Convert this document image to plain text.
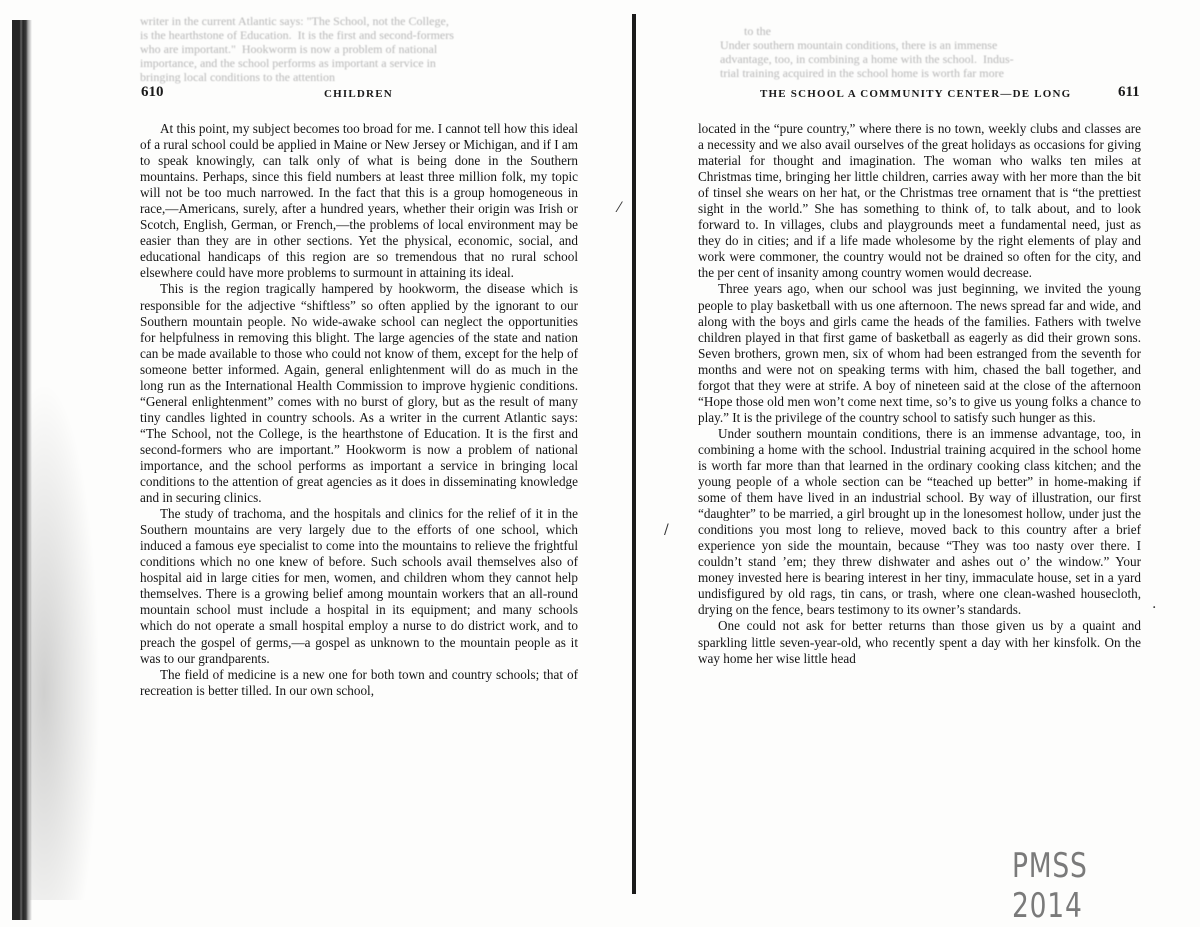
writer in the current Atlantic says: "The School, not the College,
is the hearthstone of Education.  It is the first and second-formers
who are important."  Hookworm is now a problem of national
importance, and the school performs as important a service in
bringing local conditions to the attention
to the
Under southern mountain conditions, there is an immense
advantage, too, in combining a home with the school.  Indus-
trial training acquired in the school home is worth far more
610	CHILDREN	THE SCHOOL A COMMUNITY CENTER—DE LONG	611

At this point, my subject becomes too broad for me. I cannot tell how this ideal of a rural school could be applied in Maine or New Jersey or Michigan, and if I am to speak knowingly, can talk only of what is being done in the Southern mountains. Perhaps, since this field numbers at least three million folk, my topic will not be too much narrowed. In the fact that this is a group homogeneous in race,—Americans, surely, after a hundred years, whether their origin was Irish or Scotch, English, German, or French,—the problems of local environment may be easier than they are in other sections. Yet the physical, economic, social, and educational handicaps of this region are so tremendous that no rural school elsewhere could have more problems to surmount in attaining its ideal.

This is the region tragically hampered by hookworm, the disease which is responsible for the adjective “shiftless” so often applied by the ignorant to our Southern mountain people. No wide-awake school can neglect the opportunities for helpfulness in removing this blight. The large agencies of the state and nation can be made available to those who could not know of them, except for the help of someone better informed. Again, general enlightenment will do as much in the long run as the International Health Commission to improve hygienic conditions. “General enlightenment” comes with no burst of glory, but as the result of many tiny candles lighted in country schools. As a writer in the current Atlantic says: “The School, not the College, is the hearthstone of Education. It is the first and second-formers who are important.” Hookworm is now a problem of national importance, and the school performs as important a service in bringing local conditions to the attention of great agencies as it does in disseminating knowledge and in securing clinics.

The study of trachoma, and the hospitals and clinics for the relief of it in the Southern mountains are very largely due to the efforts of one school, which induced a famous eye specialist to come into the mountains to relieve the frightful conditions which no one knew of before. Such schools avail themselves also of hospital aid in large cities for men, women, and children whom they cannot help themselves. There is a growing belief among mountain workers that an all-round mountain school must include a hospital in its equipment; and many schools which do not operate a small hospital employ a nurse to do district work, and to preach the gospel of germs,—a gospel as unknown to the mountain people as it was to our grandparents.

The field of medicine is a new one for both town and country schools; that of recreation is better tilled. In our own school,

located in the “pure country,” where there is no town, weekly clubs and classes are a necessity and we also avail ourselves of the great holidays as occasions for giving material for thought and imagination. The woman who walks ten miles at Christmas time, bringing her little children, carries away with her more than the bit of tinsel she wears on her hat, or the Christmas tree ornament that is “the prettiest sight in the world.” She has something to think of, to talk about, and to look forward to. In villages, clubs and playgrounds meet a fundamental need, just as they do in cities; and if a life made wholesome by the right elements of play and work were commoner, the country would not be drained so often for the city, and the per cent of insanity among country women would decrease.

Three years ago, when our school was just beginning, we invited the young people to play basketball with us one afternoon. The news spread far and wide, and along with the boys and girls came the heads of the families. Fathers with twelve children played in that first game of basketball as eagerly as did their grown sons. Seven brothers, grown men, six of whom had been estranged from the seventh for months and were not on speaking terms with him, chased the ball together, and forgot that they were at strife. A boy of nineteen said at the close of the afternoon “Hope those old men won’t come next time, so’s to give us young folks a chance to play.” It is the privilege of the country school to satisfy such hunger as this.

Under southern mountain conditions, there is an immense advantage, too, in combining a home with the school. Industrial training acquired in the school home is worth far more than that learned in the ordinary cooking class kitchen; and the young people of a whole section can be “teached up better” in home-making if some of them have lived in an industrial school. By way of illustration, our first “daughter” to be married, a girl brought up in the lonesomest hollow, under just the conditions you most long to relieve, moved back to this country after a brief experience yon side the mountain, because “They was too nasty over there. I couldn’t stand ’em; they threw dishwater and ashes out o’ the window.” Your money invested here is bearing interest in her tiny, immaculate house, set in a yard undisfigured by old rags, tin cans, or trash, where one clean-washed housecloth, drying on the fence, bears testimony to its owner’s standards.

One could not ask for better returns than those given us by a quaint and sparkling little seven-year-old, who recently spent a day with her kinsfolk. On the way home her wise little head

⁄
/
·
PMSS 2014
